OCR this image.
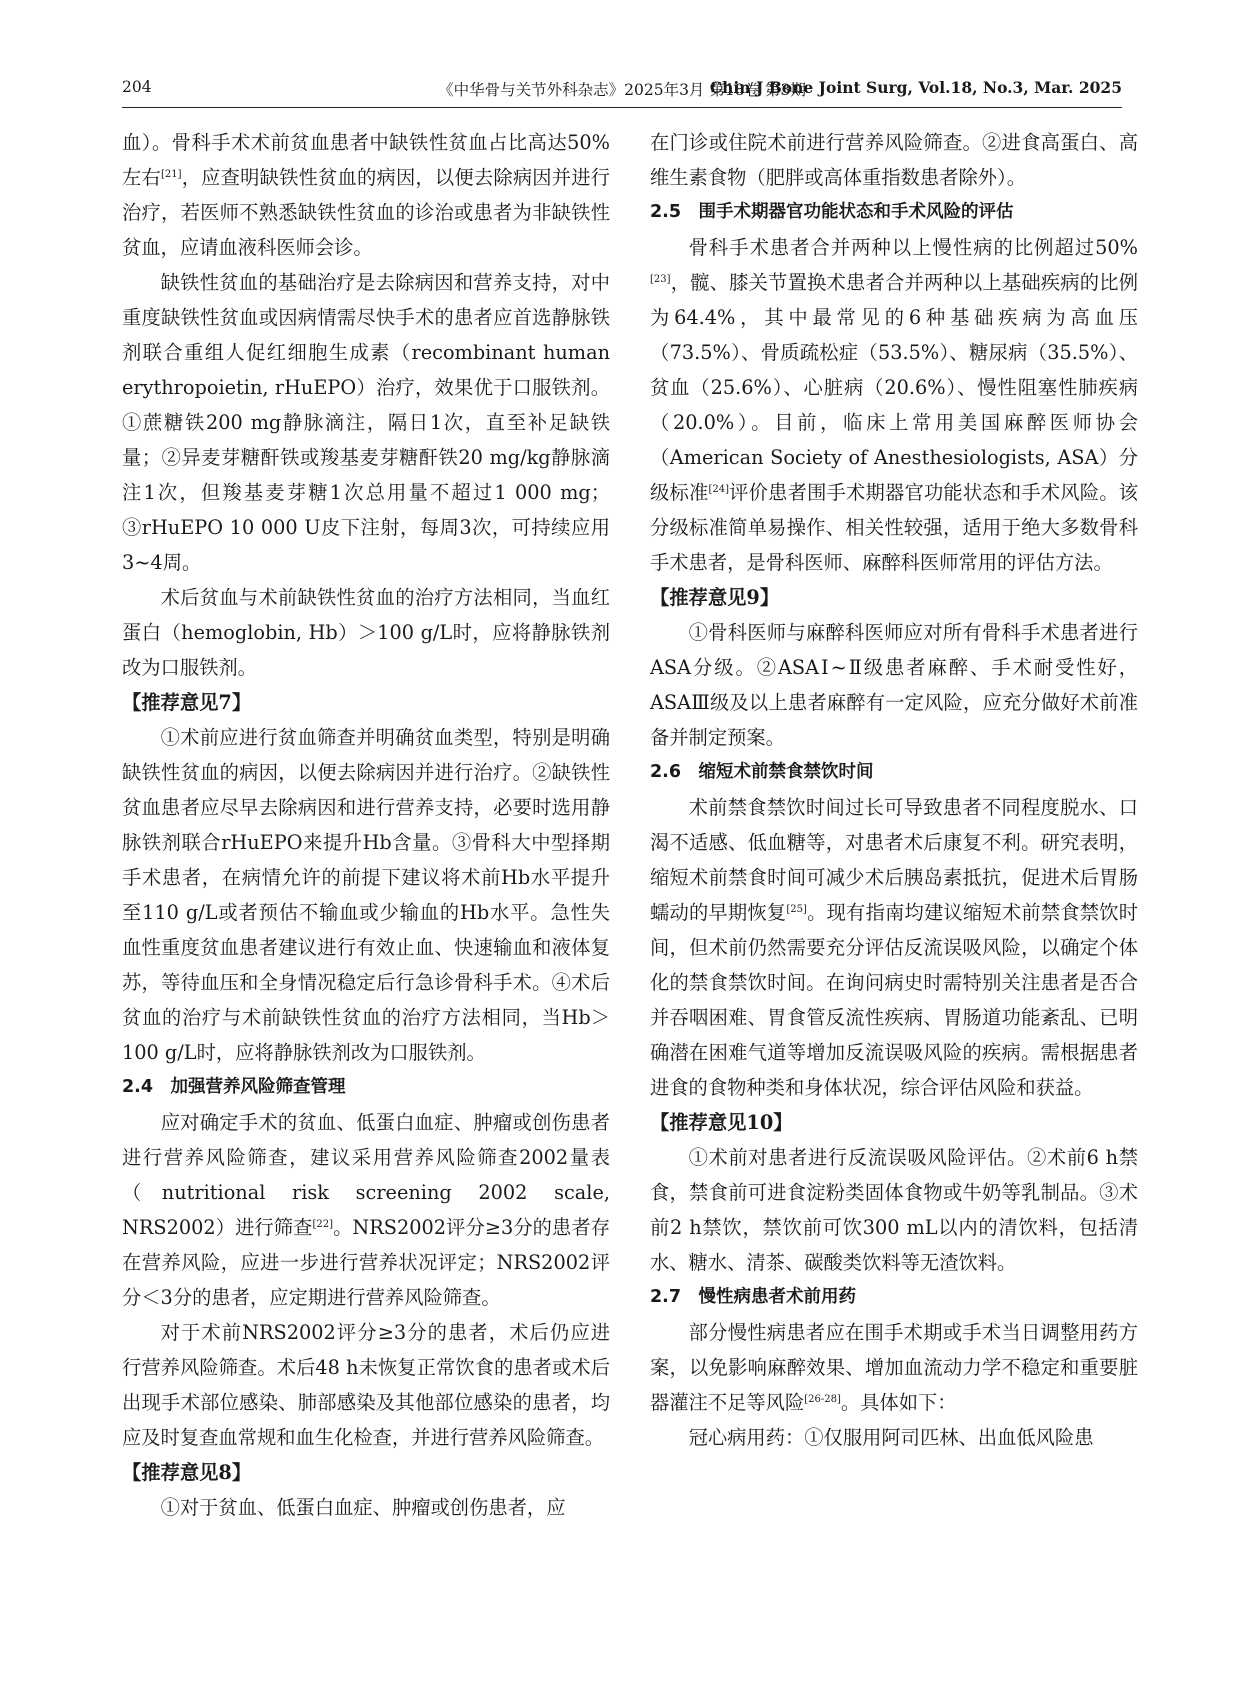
204	《中华骨与关节外科杂志》2025年3月 第18卷 第3期
Chin J Bone Joint Surg, Vol.18, No.3, Mar. 2025

血）。骨科手术术前贫血患者中缺铁性贫血占比高达50%左右[21]，应查明缺铁性贫血的病因，以便去除病因并进行治疗，若医师不熟悉缺铁性贫血的诊治或患者为非缺铁性贫血，应请血液科医师会诊。

缺铁性贫血的基础治疗是去除病因和营养支持，对中重度缺铁性贫血或因病情需尽快手术的患者应首选静脉铁剂联合重组人促红细胞生成素（recombinant human erythropoietin, rHuEPO）治疗，效果优于口服铁剂。①蔗糖铁200 mg静脉滴注，隔日1次，直至补足缺铁量；②异麦芽糖酐铁或羧基麦芽糖酐铁20 mg/kg静脉滴注1次，但羧基麦芽糖1次总用量不超过1 000 mg；③rHuEPO 10 000 U皮下注射，每周3次，可持续应用3~4周。

术后贫血与术前缺铁性贫血的治疗方法相同，当血红蛋白（hemoglobin, Hb）＞100 g/L时，应将静脉铁剂改为口服铁剂。

【推荐意见7】

①术前应进行贫血筛查并明确贫血类型，特别是明确缺铁性贫血的病因，以便去除病因并进行治疗。②缺铁性贫血患者应尽早去除病因和进行营养支持，必要时选用静脉铁剂联合rHuEPO来提升Hb含量。③骨科大中型择期手术患者，在病情允许的前提下建议将术前Hb水平提升至110 g/L或者预估不输血或少输血的Hb水平。急性失血性重度贫血患者建议进行有效止血、快速输血和液体复苏，等待血压和全身情况稳定后行急诊骨科手术。④术后贫血的治疗与术前缺铁性贫血的治疗方法相同，当Hb＞100 g/L时，应将静脉铁剂改为口服铁剂。

2.4　加强营养风险筛查管理

应对确定手术的贫血、低蛋白血症、肿瘤或创伤患者进行营养风险筛查，建议采用营养风险筛查2002量表（nutritional risk screening 2002 scale, NRS2002）进行筛查[22]。NRS2002评分≥3分的患者存在营养风险，应进一步进行营养状况评定；NRS2002评分＜3分的患者，应定期进行营养风险筛查。

对于术前NRS2002评分≥3分的患者，术后仍应进行营养风险筛查。术后48 h未恢复正常饮食的患者或术后出现手术部位感染、肺部感染及其他部位感染的患者，均应及时复查血常规和血生化检查，并进行营养风险筛查。

【推荐意见8】

①对于贫血、低蛋白血症、肿瘤或创伤患者，应

在门诊或住院术前进行营养风险筛查。②进食高蛋白、高维生素食物（肥胖或高体重指数患者除外）。

2.5　围手术期器官功能状态和手术风险的评估

骨科手术患者合并两种以上慢性病的比例超过50%[23]，髋、膝关节置换术患者合并两种以上基础疾病的比例为64.4%，其中最常见的6种基础疾病为高血压（73.5%）、骨质疏松症（53.5%）、糖尿病（35.5%）、贫血（25.6%）、心脏病（20.6%）、慢性阻塞性肺疾病（20.0%）。目前，临床上常用美国麻醉医师协会（American Society of Anesthesiologists, ASA）分级标准[24]评价患者围手术期器官功能状态和手术风险。该分级标准简单易操作、相关性较强，适用于绝大多数骨科手术患者，是骨科医师、麻醉科医师常用的评估方法。

【推荐意见9】

①骨科医师与麻醉科医师应对所有骨科手术患者进行ASA分级。②ASAⅠ~Ⅱ级患者麻醉、手术耐受性好，ASAⅢ级及以上患者麻醉有一定风险，应充分做好术前准备并制定预案。

2.6　缩短术前禁食禁饮时间

术前禁食禁饮时间过长可导致患者不同程度脱水、口渴不适感、低血糖等，对患者术后康复不利。研究表明，缩短术前禁食时间可减少术后胰岛素抵抗，促进术后胃肠蠕动的早期恢复[25]。现有指南均建议缩短术前禁食禁饮时间，但术前仍然需要充分评估反流误吸风险，以确定个体化的禁食禁饮时间。在询问病史时需特别关注患者是否合并吞咽困难、胃食管反流性疾病、胃肠道功能紊乱、已明确潜在困难气道等增加反流误吸风险的疾病。需根据患者进食的食物种类和身体状况，综合评估风险和获益。

【推荐意见10】

①术前对患者进行反流误吸风险评估。②术前6 h禁食，禁食前可进食淀粉类固体食物或牛奶等乳制品。③术前2 h禁饮，禁饮前可饮300 mL以内的清饮料，包括清水、糖水、清茶、碳酸类饮料等无渣饮料。

2.7　慢性病患者术前用药

部分慢性病患者应在围手术期或手术当日调整用药方案，以免影响麻醉效果、增加血流动力学不稳定和重要脏器灌注不足等风险[26-28]。具体如下：

冠心病用药：①仅服用阿司匹林、出血低风险患
